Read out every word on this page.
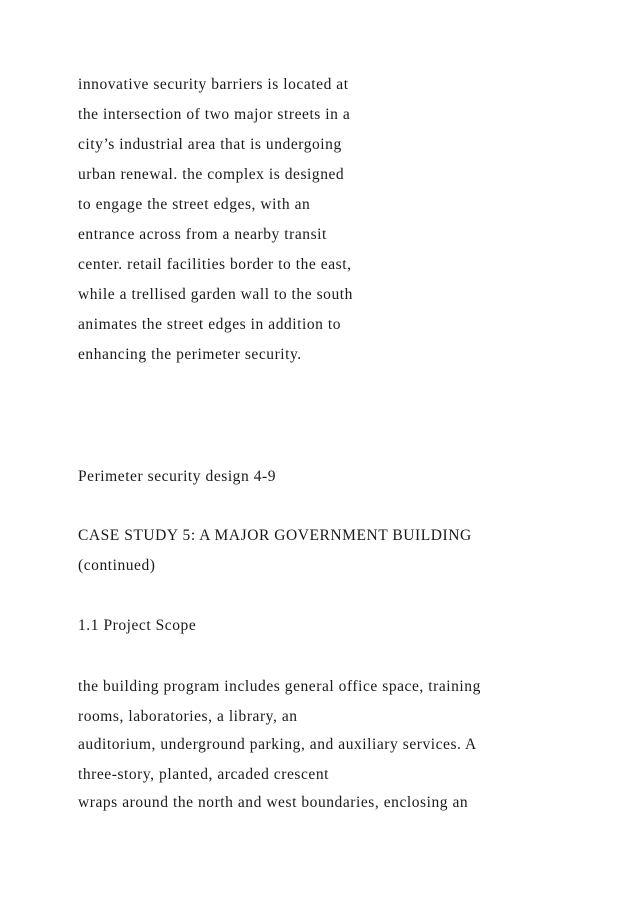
innovative security barriers is located at
the intersection of two major streets in a
city’s industrial area that is undergoing
urban renewal. the complex is designed
to engage the street edges, with an
entrance across from a nearby transit
center. retail facilities border to the east,
while a trellised garden wall to the south
animates the street edges in addition to
enhancing the perimeter security.
Perimeter security design 4-9
CASE STUDY 5: A MAJOR GOVERNMENT BUILDING
(continued)
1.1 Project Scope
the building program includes general office space, training
rooms, laboratories, a library, an
auditorium, underground parking, and auxiliary services. A
three-story, planted, arcaded crescent
wraps around the north and west boundaries, enclosing an
